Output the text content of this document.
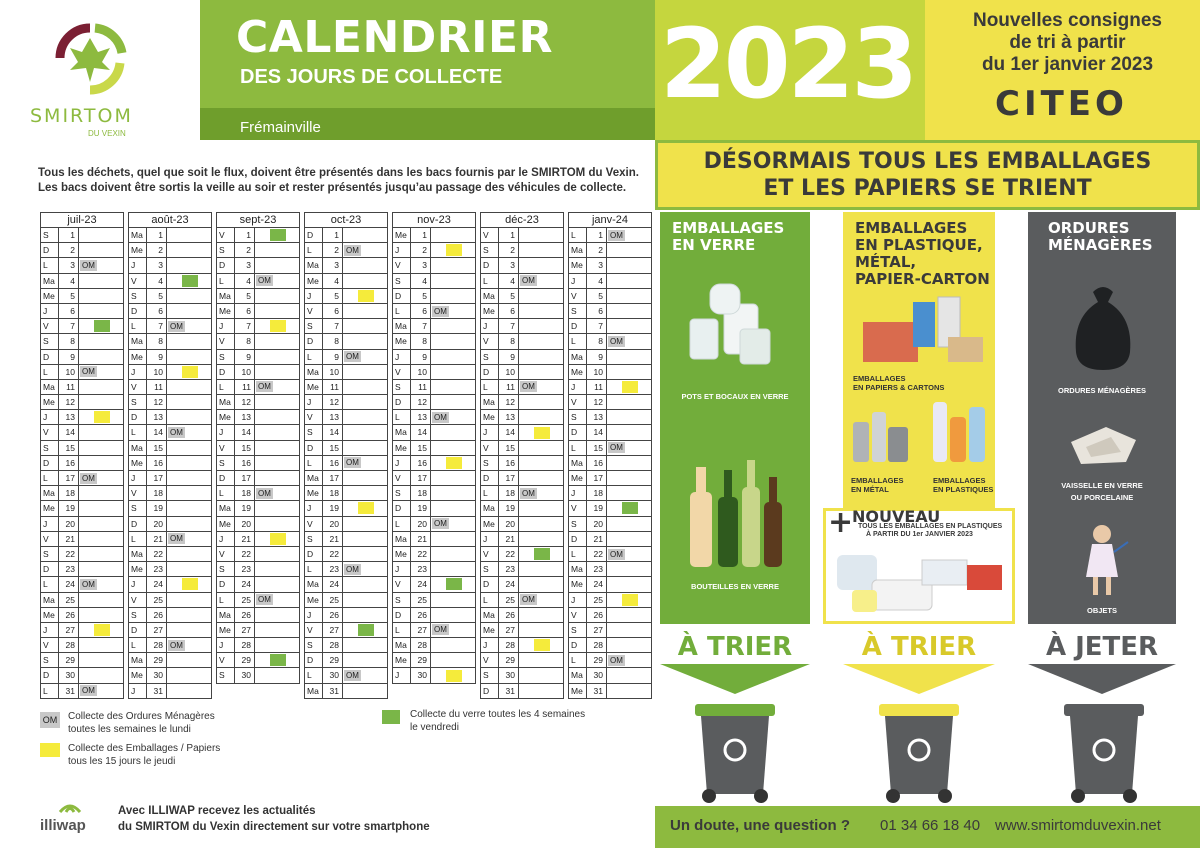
SMIRTOM
DU VEXIN
CALENDRIER
DES JOURS DE COLLECTE
Frémainville
2023	Nouvelles consignes
de tri à partir
du 1er janvier 2023
CITEO
Tous les déchets, quel que soit le flux, doivent être présentés dans les bacs fournis par le SMIRTOM du Vexin.
Les bacs doivent être sortis la veille au soir et rester présentés jusqu’au passage des véhicules de collecte.
juil-23
S	1
D	2
L	3 OM
Ma	4
Me	5
J	6
V	7
S	8
D	9
L	10 OM
Ma	11
Me	12
J	13
V	14
S	15
D	16
L	17 OM
Ma	18
Me	19
J	20
V	21
S	22
D	23
L	24 OM
Ma	25
Me	26
J	27
V	28
S	29
D	30
L	31 OM
août-23
Ma	1
Me	2
J	3
V	4
S	5
D	6
L	7 OM
Ma	8
Me	9
J	10
V	11
S	12
D	13
L	14 OM
Ma	15
Me	16
J	17
V	18
S	19
D	20
L	21 OM
Ma	22
Me	23
J	24
V	25
S	26
D	27
L	28 OM
Ma	29
Me	30
J	31
sept-23
V	1
S	2
D	3
L	4 OM
Ma	5
Me	6
J	7
V	8
S	9
D	10
L	11 OM
Ma	12
Me	13
J	14
V	15
S	16
D	17
L	18 OM
Ma	19
Me	20
J	21
V	22
S	23
D	24
L	25 OM
Ma	26
Me	27
J	28
V	29
S	30
oct-23
D	1
L	2 OM
Ma	3
Me	4
J	5
V	6
S	7
D	8
L	9 OM
Ma	10
Me	11
J	12
V	13
S	14
D	15
L	16 OM
Ma	17
Me	18
J	19
V	20
S	21
D	22
L	23 OM
Ma	24
Me	25
J	26
V	27
S	28
D	29
L	30 OM
Ma	31
nov-23
Me	1
J	2
V	3
S	4
D	5
L	6 OM
Ma	7
Me	8
J	9
V	10
S	11
D	12
L	13 OM
Ma	14
Me	15
J	16
V	17
S	18
D	19
L	20 OM
Ma	21
Me	22
J	23
V	24
S	25
D	26
L	27 OM
Ma	28
Me	29
J	30
déc-23
V	1
S	2
D	3
L	4 OM
Ma	5
Me	6
J	7
V	8
S	9
D	10
L	11 OM
Ma	12
Me	13
J	14
V	15
S	16
D	17
L	18 OM
Ma	19
Me	20
J	21
V	22
S	23
D	24
L	25 OM
Ma	26
Me	27
J	28
V	29
S	30
D	31
janv-24
L	1 OM
Ma	2
Me	3
J	4
V	5
S	6
D	7
L	8 OM
Ma	9
Me	10
J	11
V	12
S	13
D	14
L	15 OM
Ma	16
Me	17
J	18
V	19
S	20
D	21
L	22 OM
Ma	23
Me	24
J	25
V	26
S	27
D	28
L	29 OM
Ma	30
Me	31
OM Collecte des Ordures Ménagères
toutes les semaines le lundi
Collecte des Emballages / Papiers
tous les 15 jours le jeudi
Collecte du verre toutes les 4 semaines
le vendredi
illiwap
Avec ILLIWAP recevez les actualités
du SMIRTOM du Vexin directement sur votre smartphone
DÉSORMAIS TOUS LES EMBALLAGES
ET LES PAPIERS SE TRIENT
EMBALLAGES
EN VERRE
POTS ET BOCAUX EN VERRE
BOUTEILLES EN VERRE
EMBALLAGES
EN PLASTIQUE,
MÉTAL,
PAPIER-CARTON
EMBALLAGES
EN PAPIERS & CARTONS
EMBALLAGES
EN MÉTAL
EMBALLAGES
EN PLASTIQUES
+
NOUVEAU
TOUS LES EMBALLAGES EN PLASTIQUES
À PARTIR DU 1er JANVIER 2023
ORDURES
MÉNAGÈRES
ORDURES MÉNAGÈRES
VAISSELLE EN VERRE
OU PORCELAINE
OBJETS
À TRIER	À TRIER	À JETER
Un doute, une question ? 01 34 66 18 40 www.smirtomduvexin.net
